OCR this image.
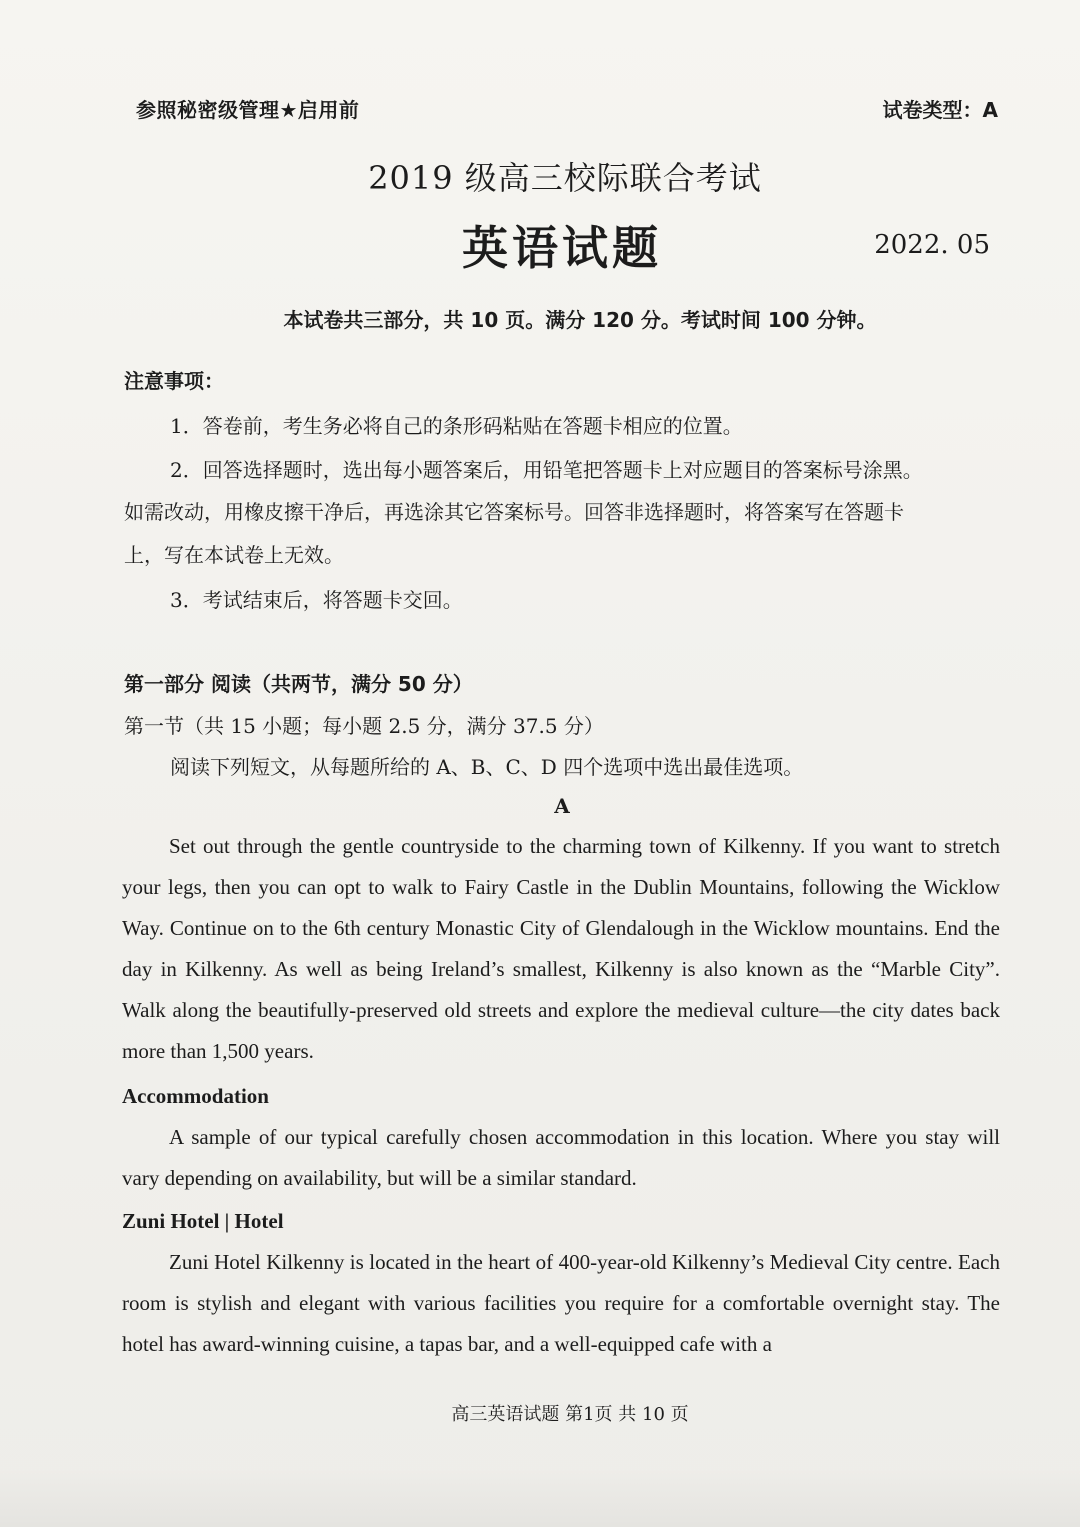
参照秘密级管理★启用前	试卷类型：A

2019 级高三校际联合考试

英语试题	2022. 05

本试卷共三部分，共 10 页。满分 120 分。考试时间 100 分钟。

注意事项：

1．答卷前，考生务必将自己的条形码粘贴在答题卡相应的位置。

2．回答选择题时，选出每小题答案后，用铅笔把答题卡上对应题目的答案标号涂黑。

如需改动，用橡皮擦干净后，再选涂其它答案标号。回答非选择题时，将答案写在答题卡

上，写在本试卷上无效。

3．考试结束后，将答题卡交回。

第一部分 阅读（共两节，满分 50 分）

第一节（共 15 小题；每小题 2.5 分，满分 37.5 分）

阅读下列短文，从每题所给的 A、B、C、D 四个选项中选出最佳选项。

A

Set out through the gentle countryside to the charming town of Kilkenny. If you want to stretch your legs, then you can opt to walk to Fairy Castle in the Dublin Mountains, following the Wicklow Way. Continue on to the 6th century Monastic City of Glendalough in the Wicklow mountains. End the day in Kilkenny. As well as being Ireland’s smallest, Kilkenny is also known as the “Marble City”. Walk along the beautifully-preserved old streets and explore the medieval culture—the city dates back more than 1,500 years.

Accommodation

A sample of our typical carefully chosen accommodation in this location. Where you stay will vary depending on availability, but will be a similar standard.

Zuni Hotel | Hotel

Zuni Hotel Kilkenny is located in the heart of 400-year-old Kilkenny’s Medieval City centre. Each room is stylish and elegant with various facilities you require for a comfortable overnight stay. The hotel has award-winning cuisine, a tapas bar, and a well-equipped cafe with a

高三英语试题 第1页 共 10 页
